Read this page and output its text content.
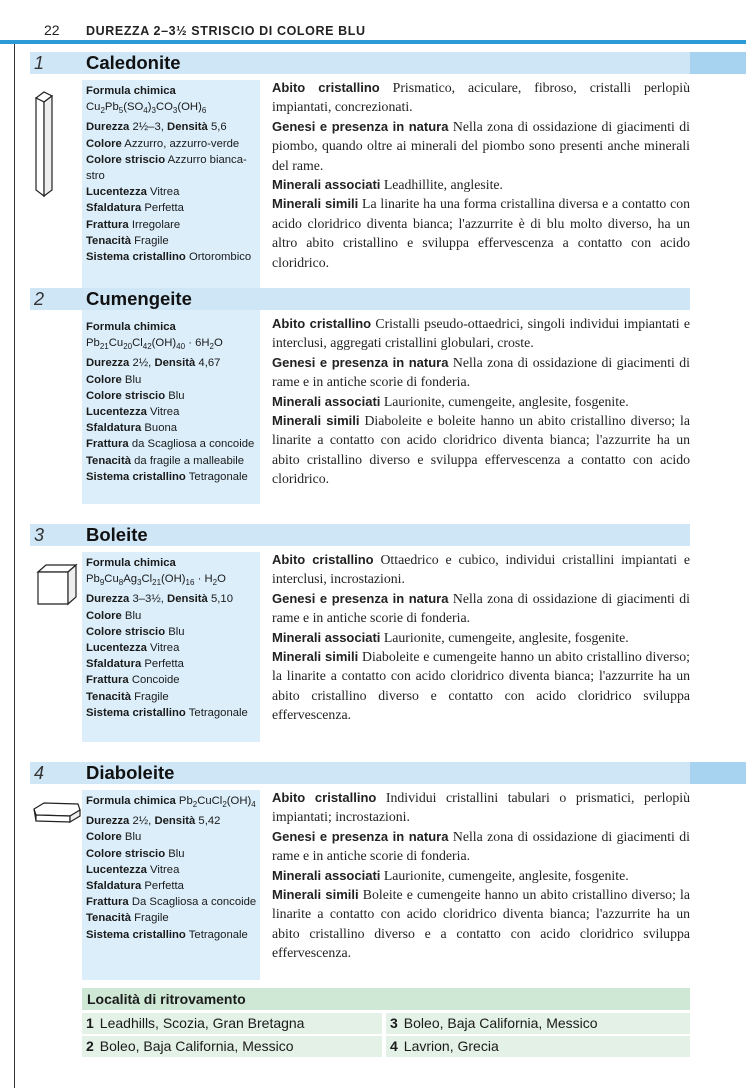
22 DUREZZA 2–3½ STRISCIO DI COLORE BLU
1 Caledonite
Formula chimica
$Cu_2Pb_5(SO_4)_3CO_3(OH)_6$
Durezza 2½–3, Densità 5,6
Colore Azzurro, azzurro-verde
Colore striscio Azzurro bianca-
stro
Lucentezza Vitrea
Sfaldatura Perfetta
Frattura Irregolare
Tenacità Fragile
Sistema cristallino Ortorombico

Abito cristallino Prismatico, aciculare, fibroso, cristalli perlopiù impiantati, concrezionati.

Genesi e presenza in natura Nella zona di ossidazione di giacimenti di piombo, quando oltre ai minerali del piombo sono presenti anche minerali del rame.

Minerali associati Leadhillite, anglesite.

Minerali simili La linarite ha una forma cristallina diversa e a contatto con acido cloridrico diventa bianca; l'azzurrite è di blu molto diverso, ha un altro abito cristallino e sviluppa effervescenza a contatto con acido cloridrico.

2 Cumengeite
Formula chimica
$Pb_{21}Cu_{20}Cl_{42}(OH)_{40} \cdot 6H_2O$
Durezza 2½, Densità 4,67
Colore Blu
Colore striscio Blu
Lucentezza Vitrea
Sfaldatura Buona
Frattura da Scagliosa a concoide
Tenacità da fragile a malleabile
Sistema cristallino Tetragonale

Abito cristallino Cristalli pseudo-ottaedrici, singoli individui impiantati e interclusi, aggregati cristallini globulari, croste.

Genesi e presenza in natura Nella zona di ossidazione di giacimenti di rame e in antiche scorie di fonderia.

Minerali associati Laurionite, cumengeite, anglesite, fosgenite.

Minerali simili Diaboleite e boleite hanno un abito cristallino diverso; la linarite a contatto con acido cloridrico diventa bianca; l'azzurrite ha un abito cristallino diverso e sviluppa effervescenza a contatto con acido cloridrico.

3 Boleite
Formula chimica
$Pb_9Cu_8Ag_3Cl_{21}(OH)_{16} \cdot H_2O$
Durezza 3–3½, Densità 5,10
Colore Blu
Colore striscio Blu
Lucentezza Vitrea
Sfaldatura Perfetta
Frattura Concoide
Tenacità Fragile
Sistema cristallino Tetragonale

Abito cristallino Ottaedrico e cubico, individui cristallini impiantati e interclusi, incrostazioni.

Genesi e presenza in natura Nella zona di ossidazione di giacimenti di rame e in antiche scorie di fonderia.

Minerali associati Laurionite, cumengeite, anglesite, fosgenite.

Minerali simili Diaboleite e cumengeite hanno un abito cristallino diverso; la linarite a contatto con acido cloridrico diventa bianca; l'azzurrite ha un abito cristallino diverso e contatto con acido cloridrico sviluppa effervescenza.

4 Diaboleite
Formula chimica $Pb_2CuCl_2(OH)_4$
Durezza 2½, Densità 5,42
Colore Blu
Colore striscio Blu
Lucentezza Vitrea
Sfaldatura Perfetta
Frattura Da Scagliosa a concoide
Tenacità Fragile
Sistema cristallino Tetragonale

Abito cristallino Individui cristallini tabulari o prismatici, perlopiù impiantati; incrostazioni.

Genesi e presenza in natura Nella zona di ossidazione di giacimenti di rame e in antiche scorie di fonderia.

Minerali associati Laurionite, cumengeite, anglesite, fosgenite.

Minerali simili Boleite e cumengeite hanno un abito cristallino diverso; la linarite a contatto con acido cloridrico diventa bianca; l'azzurrite ha un abito cristallino diverso e a contatto con acido cloridrico sviluppa effervescenza.

Località di ritrovamento
1 Leadhills, Scozia, Gran Bretagna	3 Boleo, Baja California, Messico
2 Boleo, Baja California, Messico	4 Lavrion, Grecia
